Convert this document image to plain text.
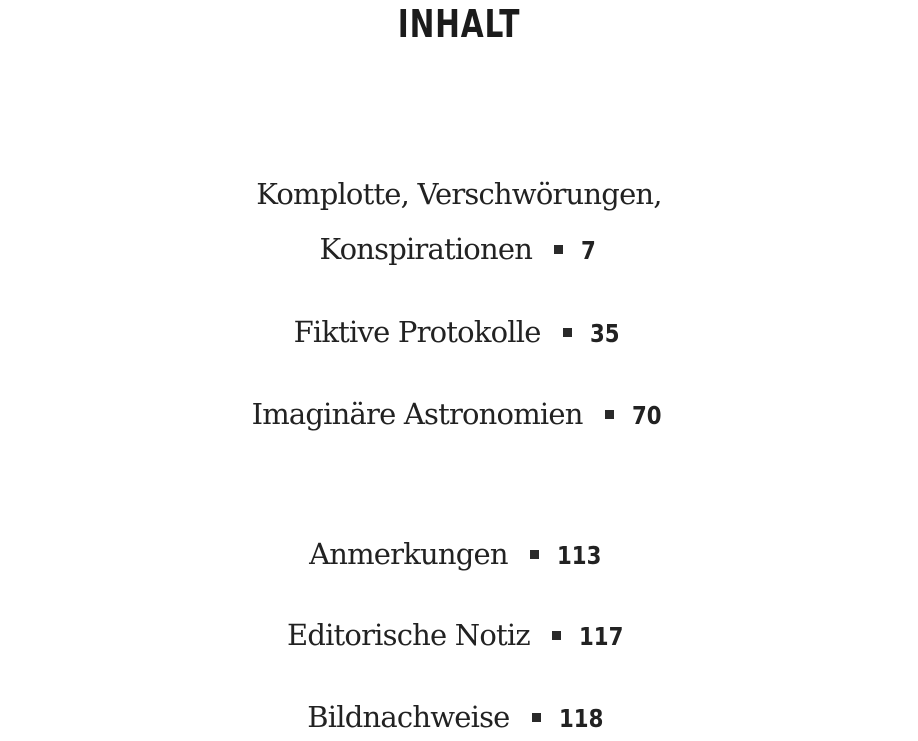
INHALT
Komplotte, Verschwörungen,
Konspirationen 7
Fiktive Protokolle 35
Imaginäre Astronomien 70
Anmerkungen 113
Editorische Notiz 117
Bildnachweise 118
